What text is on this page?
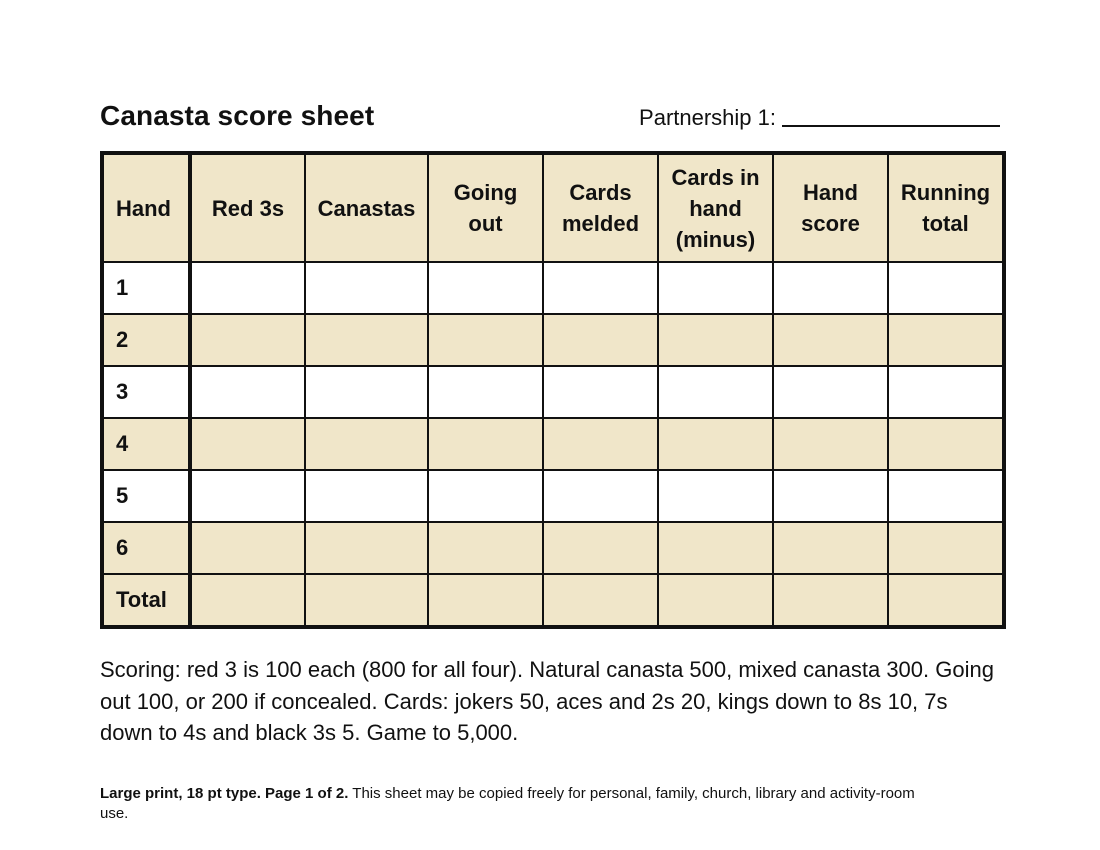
Canasta score sheet	Partnership 1:
Hand	Red 3s	Canastas	Going out	Cards melded	Cards in hand (minus)	Hand score	Running total
1							
2							
3							
4							
5							
6							
Total							
Scoring: red 3 is 100 each (800 for all four). Natural canasta 500, mixed canasta 300. Going out 100, or 200 if concealed. Cards: jokers 50, aces and 2s 20, kings down to 8s 10, 7s down to 4s and black 3s 5. Game to 5,000.
Large print, 18 pt type. Page 1 of 2. This sheet may be copied freely for personal, family, church, library and activity-room use.
